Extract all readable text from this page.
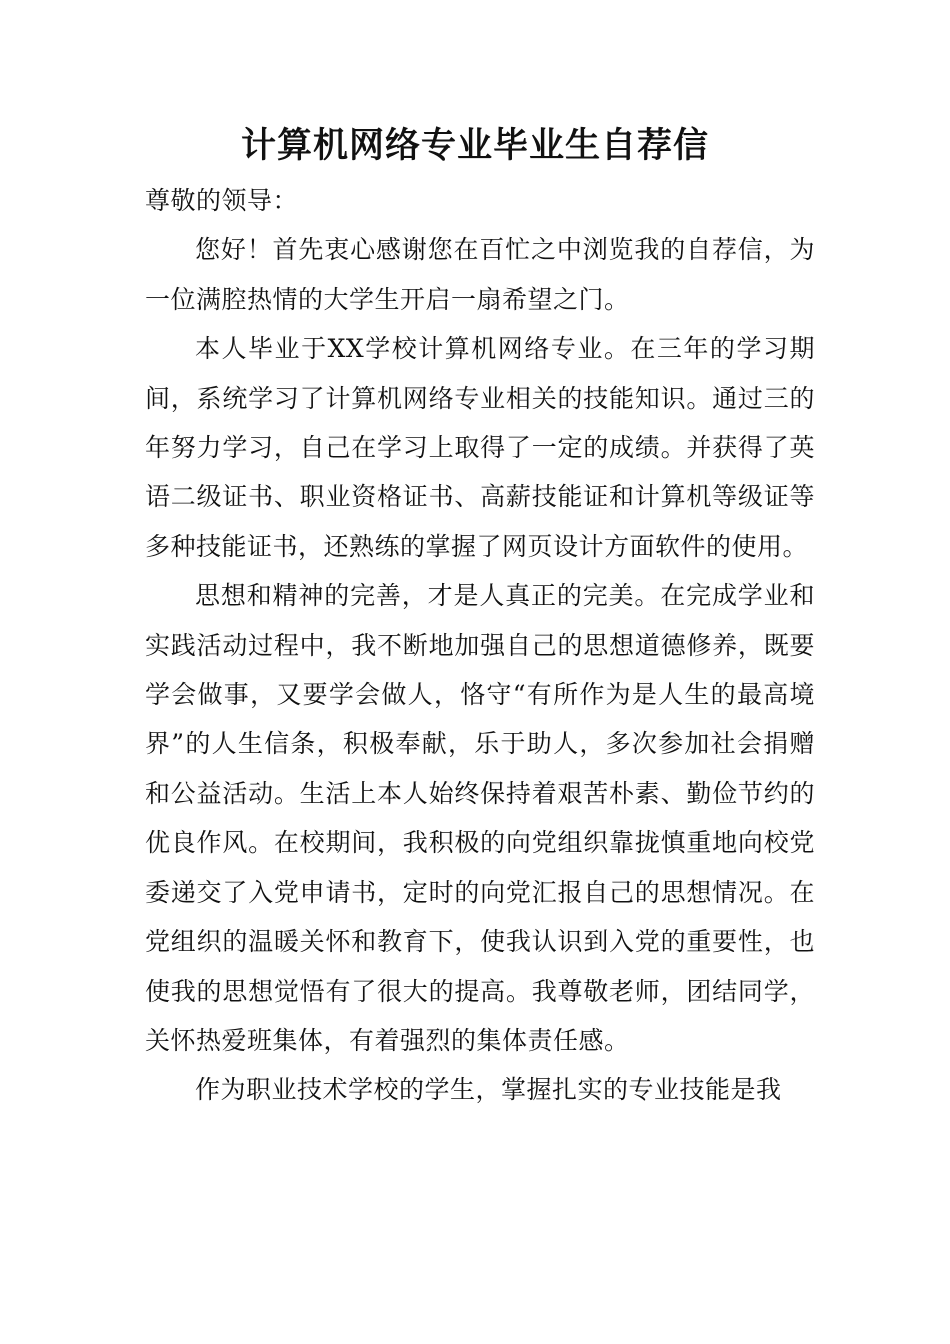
计算机网络专业毕业生自荐信

尊敬的领导：

您好！首先衷心感谢您在百忙之中浏览我的自荐信，为一位满腔热情的大学生开启一扇希望之门。

本人毕业于XX学校计算机网络专业。在三年的学习期间，系统学习了计算机网络专业相关的技能知识。通过三的年努力学习，自己在学习上取得了一定的成绩。并获得了英语二级证书、职业资格证书、高薪技能证和计算机等级证等多种技能证书，还熟练的掌握了网页设计方面软件的使用。

思想和精神的完善，才是人真正的完美。在完成学业和实践活动过程中，我不断地加强自己的思想道德修养，既要学会做事，又要学会做人，恪守“有所作为是人生的最高境界”的人生信条，积极奉献，乐于助人，多次参加社会捐赠和公益活动。生活上本人始终保持着艰苦朴素、勤俭节约的优良作风。在校期间，我积极的向党组织靠拢慎重地向校党委递交了入党申请书，定时的向党汇报自己的思想情况。在党组织的温暖关怀和教育下，使我认识到入党的重要性，也使我的思想觉悟有了很大的提高。我尊敬老师，团结同学，关怀热爱班集体，有着强烈的集体责任感。

作为职业技术学校的学生，掌握扎实的专业技能是我
